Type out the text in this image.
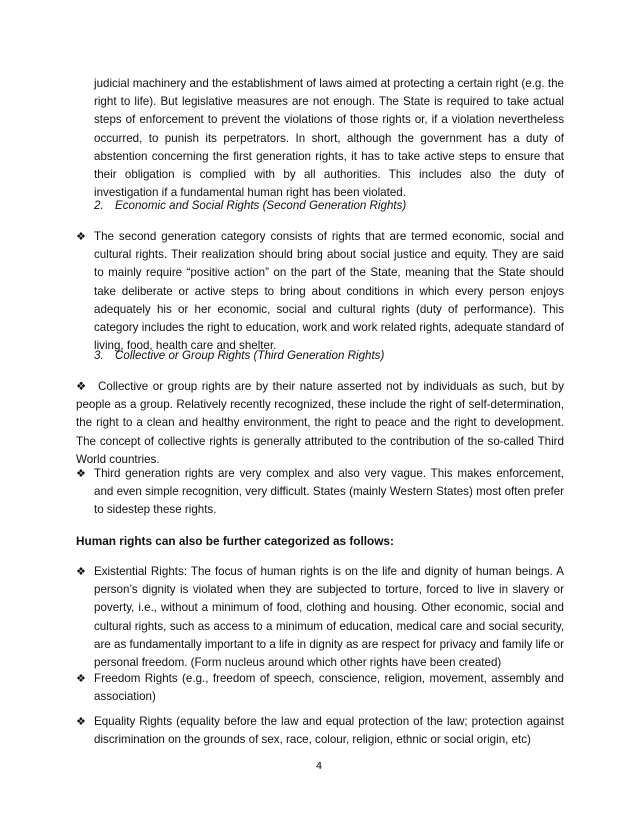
judicial machinery and the establishment of laws aimed at protecting a certain right (e.g. the right to life). But legislative measures are not enough. The State is required to take actual steps of enforcement to prevent the violations of those rights or, if a violation nevertheless occurred, to punish its perpetrators. In short, although the government has a duty of abstention concerning the first generation rights, it has to take active steps to ensure that their obligation is complied with by all authorities. This includes also the duty of investigation if a fundamental human right has been violated.

2. Economic and Social Rights (Second Generation Rights)

❖ The second generation category consists of rights that are termed economic, social and cultural rights. Their realization should bring about social justice and equity. They are said to mainly require “positive action” on the part of the State, meaning that the State should take deliberate or active steps to bring about conditions in which every person enjoys adequately his or her economic, social and cultural rights (duty of performance). This category includes the right to education, work and work related rights, adequate standard of living, food, health care and shelter.

3. Collective or Group Rights (Third Generation Rights)

❖ Collective or group rights are by their nature asserted not by individuals as such, but by people as a group. Relatively recently recognized, these include the right of self-determination, the right to a clean and healthy environment, the right to peace and the right to development. The concept of collective rights is generally attributed to the contribution of the so-called Third World countries.
❖ Third generation rights are very complex and also very vague. This makes enforcement, and even simple recognition, very difficult. States (mainly Western States) most often prefer to sidestep these rights.

Human rights can also be further categorized as follows:

❖ Existential Rights: The focus of human rights is on the life and dignity of human beings. A person’s dignity is violated when they are subjected to torture, forced to live in slavery or poverty, i.e., without a minimum of food, clothing and housing. Other economic, social and cultural rights, such as access to a minimum of education, medical care and social security, are as fundamentally important to a life in dignity as are respect for privacy and family life or personal freedom. (Form nucleus around which other rights have been created)
❖ Freedom Rights (e.g., freedom of speech, conscience, religion, movement, assembly and association)
❖ Equality Rights (equality before the law and equal protection of the law; protection against discrimination on the grounds of sex, race, colour, religion, ethnic or social origin, etc)
4
